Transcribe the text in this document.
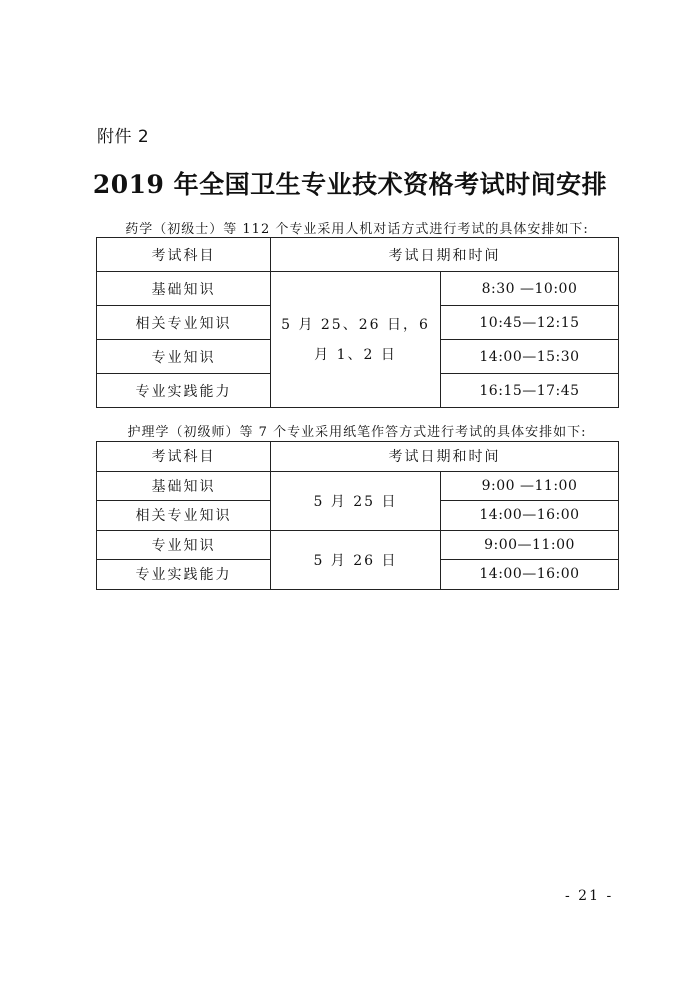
附件 2
2019 年全国卫生专业技术资格考试时间安排
药学（初级士）等 112 个专业采用人机对话方式进行考试的具体安排如下:
考试科目	考试日期和时间	
基础知识	5 月 25、26 日，6 月 1、2 日	8:30 —10:00
相关专业知识		10:45—12:15
专业知识		14:00—15:30
专业实践能力		16:15—17:45
护理学（初级师）等 7 个专业采用纸笔作答方式进行考试的具体安排如下:
考试科目	考试日期和时间	
基础知识	5 月 25 日	9:00 —11:00
相关专业知识		14:00—16:00
专业知识	5 月 26 日	9:00—11:00
专业实践能力		14:00—16:00
- 21 -
